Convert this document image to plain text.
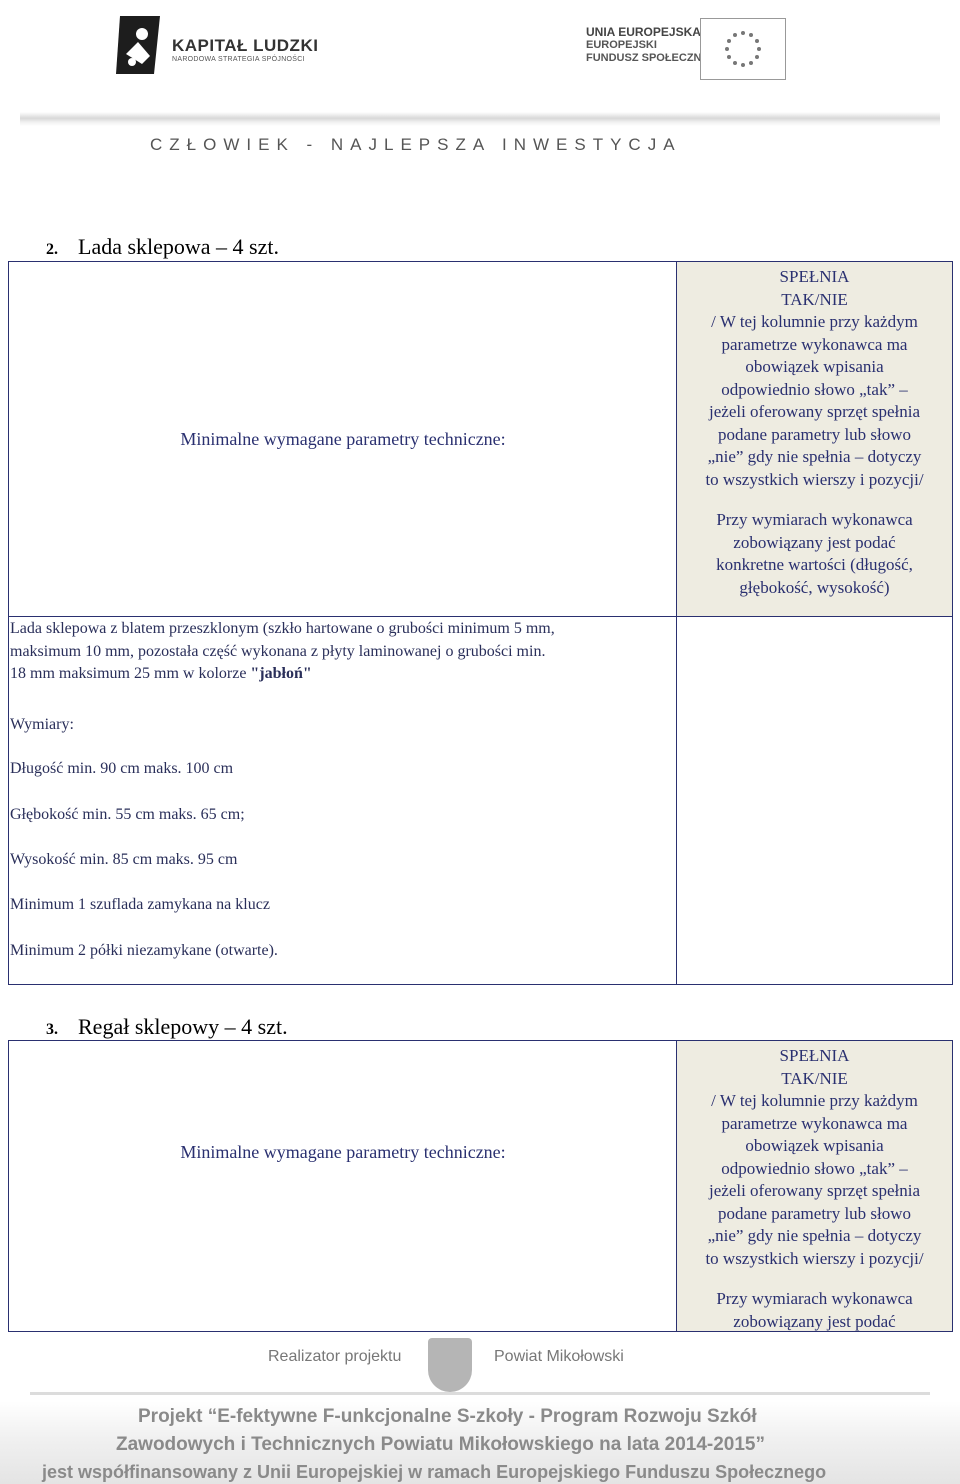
KAPITAŁ LUDZKI
NARODOWA STRATEGIA SPÓJNOŚCI
UNIA EUROPEJSKA
EUROPEJSKI
FUNDUSZ SPOŁECZNY
CZŁOWIEK - NAJLEPSZA INWESTYCJA
2. Lada sklepowa – 4 szt.
Minimalne wymagane parametry techniczne:
SPEŁNIA
TAK/NIE
/ W tej kolumnie przy każdym
parametrze wykonawca ma
obowiązek wpisania
odpowiednio słowo „tak” –
jeżeli oferowany sprzęt spełnia
podane parametry lub słowo
„nie” gdy nie spełnia – dotyczy
to wszystkich wierszy i pozycji/
Przy wymiarach wykonawca
zobowiązany jest podać
konkretne wartości (długość,
głębokość, wysokość)
Lada sklepowa z blatem przeszklonym (szkło hartowane o grubości minimum 5 mm,
maksimum 10 mm, pozostała część wykonana z płyty laminowanej o grubości min.
18 mm maksimum 25 mm w kolorze "jabłoń"
Wymiary:
Długość min. 90 cm maks. 100 cm
Głębokość min. 55 cm maks. 65 cm;
Wysokość min. 85 cm maks. 95 cm
Minimum 1 szuflada zamykana na klucz
Minimum 2 półki niezamykane (otwarte).
3. Regał sklepowy – 4 szt.
Minimalne wymagane parametry techniczne:
SPEŁNIA
TAK/NIE
/ W tej kolumnie przy każdym
parametrze wykonawca ma
obowiązek wpisania
odpowiednio słowo „tak” –
jeżeli oferowany sprzęt spełnia
podane parametry lub słowo
„nie” gdy nie spełnia – dotyczy
to wszystkich wierszy i pozycji/
Przy wymiarach wykonawca
zobowiązany jest podać
Realizator projektu	Powiat Mikołowski
Projekt “E-fektywne F-unkcjonalne S-zkoły - Program Rozwoju Szkół
Zawodowych i Technicznych Powiatu Mikołowskiego na lata 2014-2015”
jest współfinansowany z Unii Europejskiej w ramach Europejskiego Funduszu Społecznego
